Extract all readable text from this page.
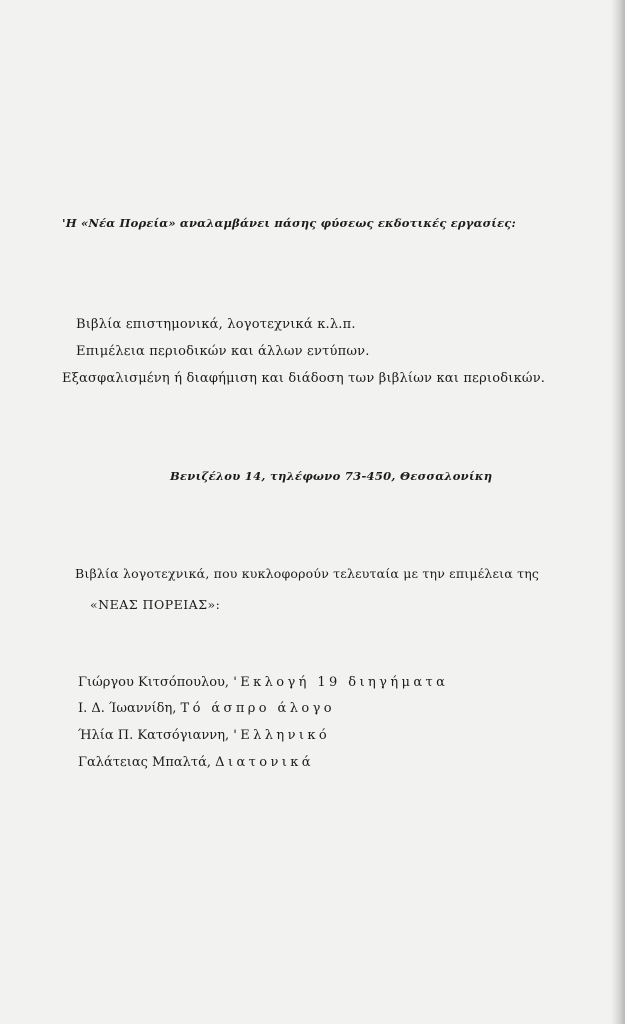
'Η «Νέα Πορεία» αναλαμβάνει πάσης φύσεως εκδοτικές εργασίες:
Βιβλία επιστημονικά, λογοτεχνικά κ.λ.π.
Επιμέλεια περιοδικών και άλλων εντύπων.
Εξασφαλισμένη ή διαφήμιση και διάδοση των βιβλίων και περιοδικών.
Βενιζέλου 14, τηλέφωνο 73-450, Θεσσαλονίκη
Βιβλία λογοτεχνικά, που κυκλοφορούν τελευταία με την επιμέλεια της
«ΝΕΑΣ ΠΟΡΕΙΑΣ»:
Γιώργου Κιτσόπουλου, 'Εκλογή 19 διηγήματα
Ι. Δ. Ίωαννίδη, Τό άσπρο άλογο
Ήλία Π. Κατσόγιαννη, 'Ελληνικό
Γαλάτειας Μπαλτά, Διατονικά
